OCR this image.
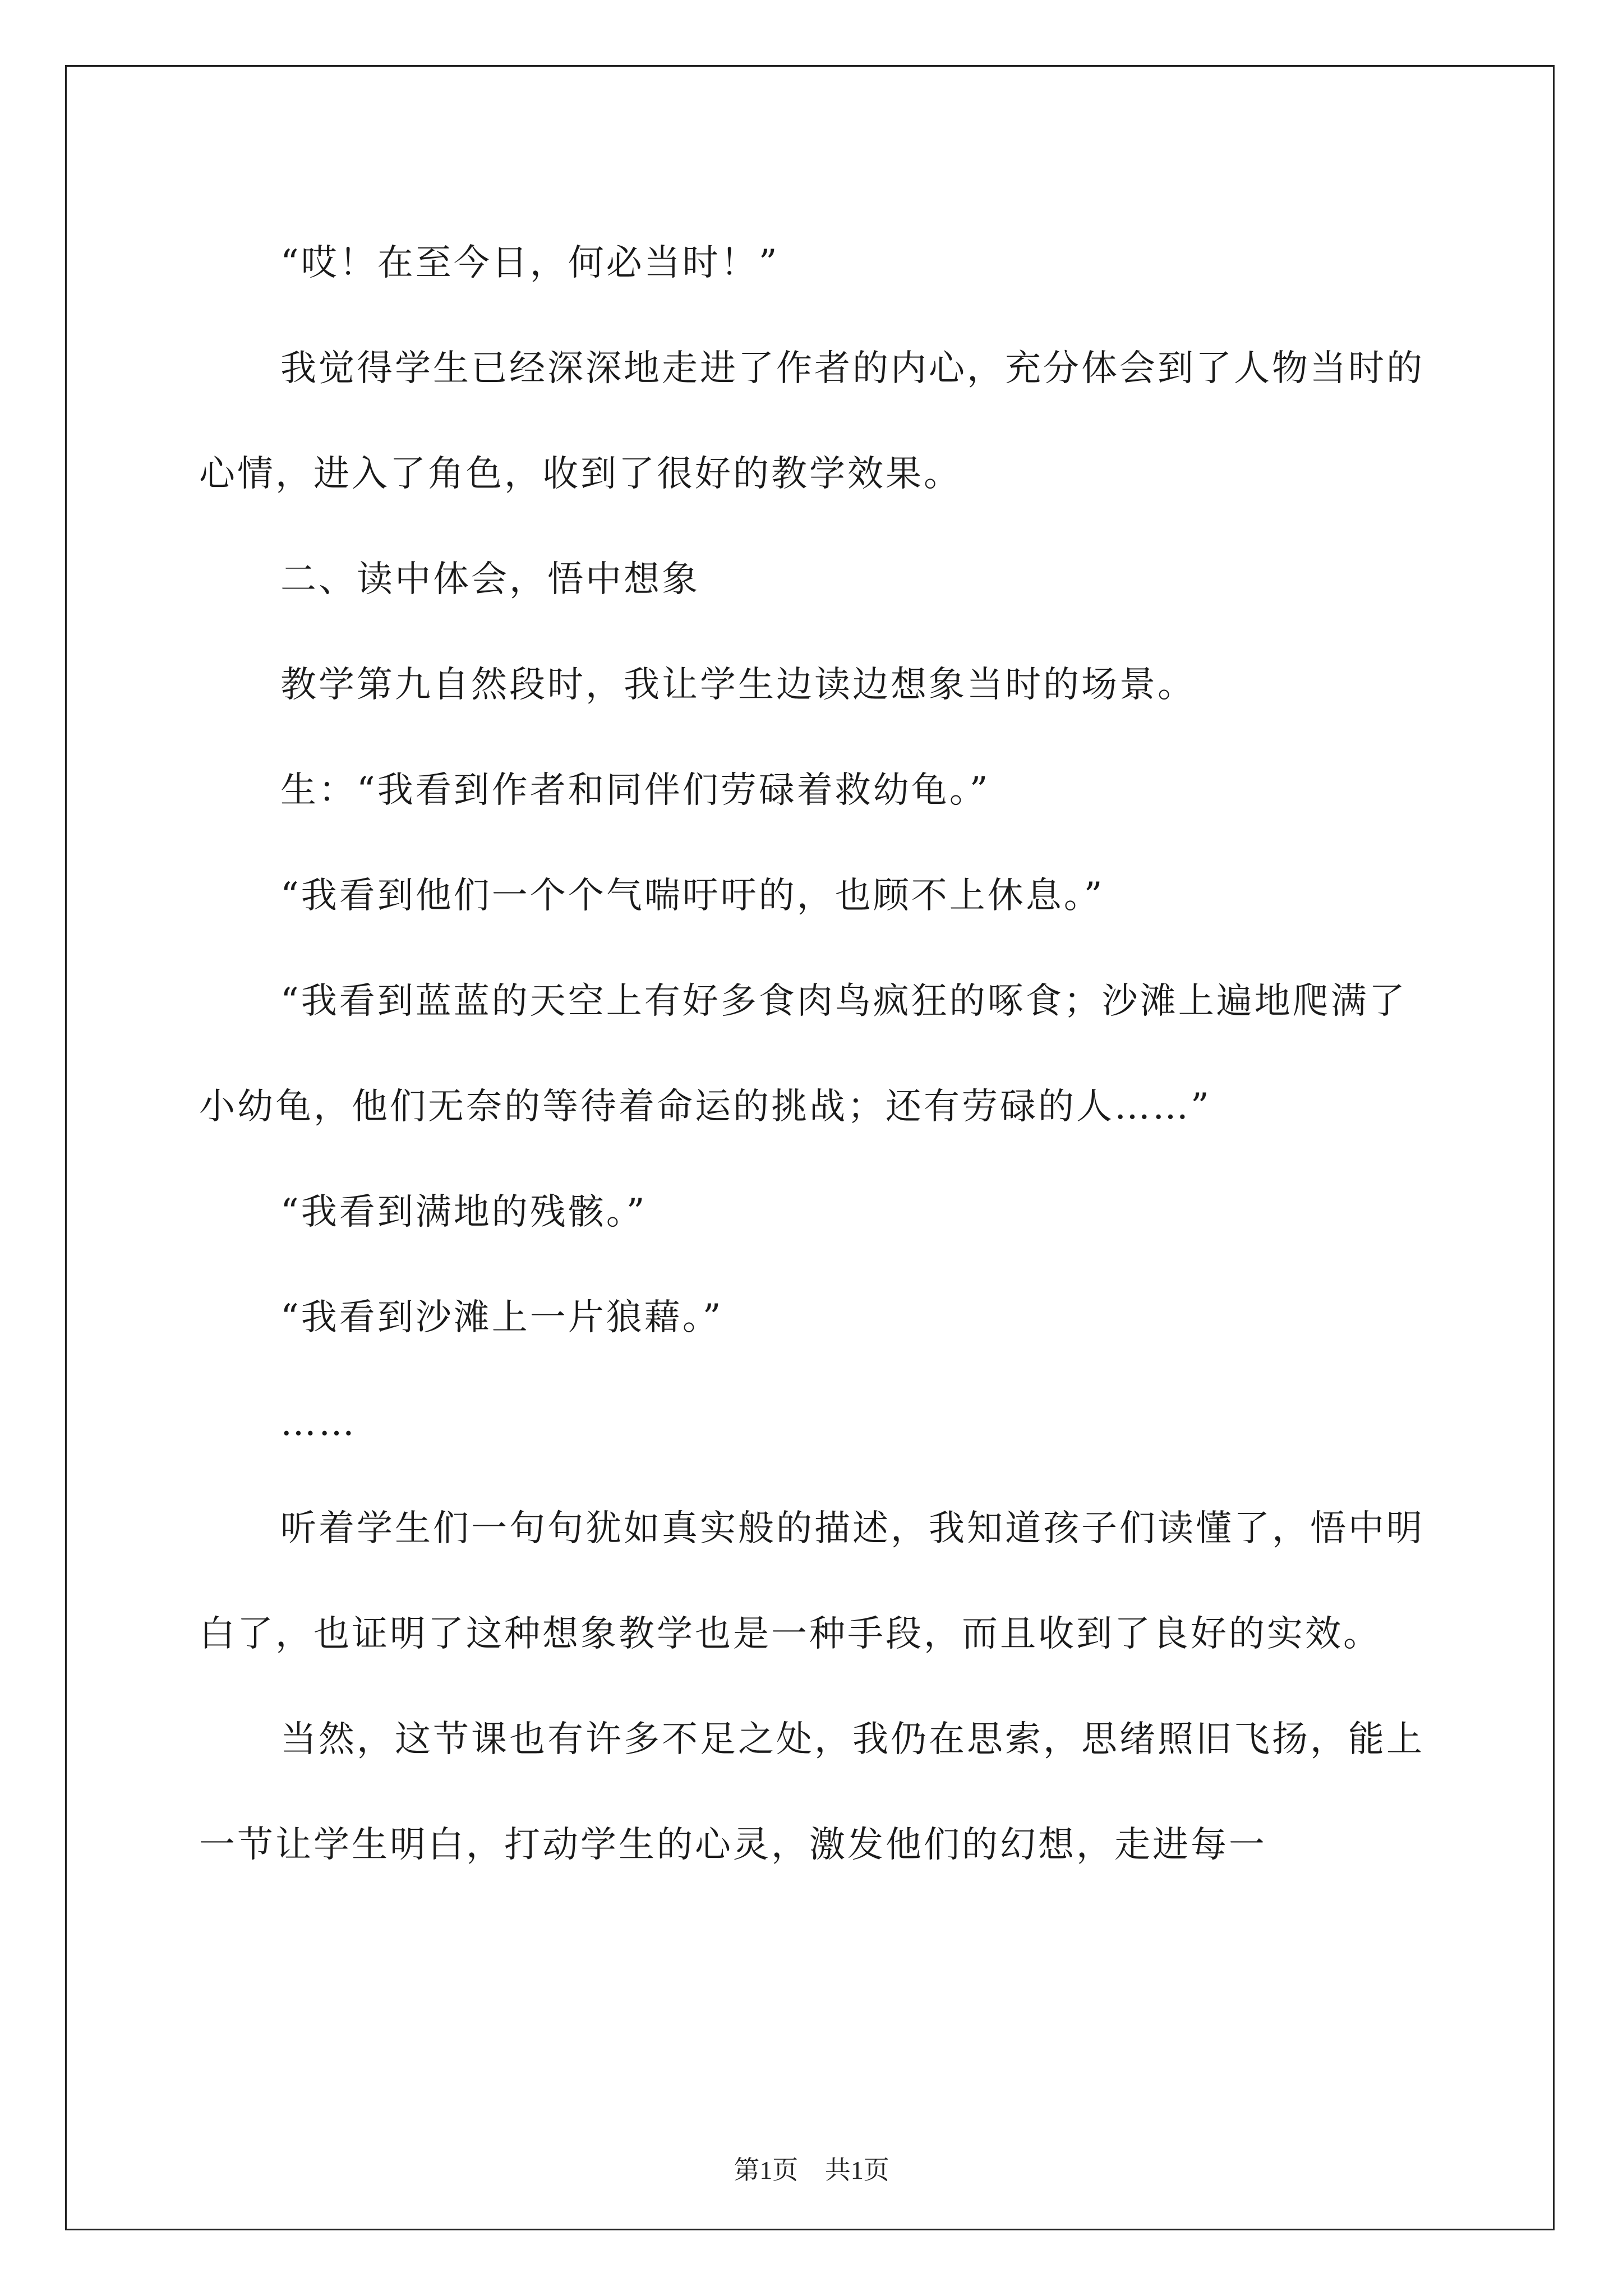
“哎！在至今日，何必当时！”

我觉得学生已经深深地走进了作者的内心，充分体会到了人物当时的心情，进入了角色，收到了很好的教学效果。

二、读中体会，悟中想象

教学第九自然段时，我让学生边读边想象当时的场景。

生：“我看到作者和同伴们劳碌着救幼龟。”

“我看到他们一个个气喘吁吁的，也顾不上休息。”

“我看到蓝蓝的天空上有好多食肉鸟疯狂的啄食；沙滩上遍地爬满了小幼龟，他们无奈的等待着命运的挑战；还有劳碌的人……”

“我看到满地的残骸。”

“我看到沙滩上一片狼藉。”

……

听着学生们一句句犹如真实般的描述，我知道孩子们读懂了，悟中明白了，也证明了这种想象教学也是一种手段，而且收到了良好的实效。

当然，这节课也有许多不足之处，我仍在思索，思绪照旧飞扬，能上一节让学生明白，打动学生的心灵，激发他们的幻想，走进每一

第1页 共1页
